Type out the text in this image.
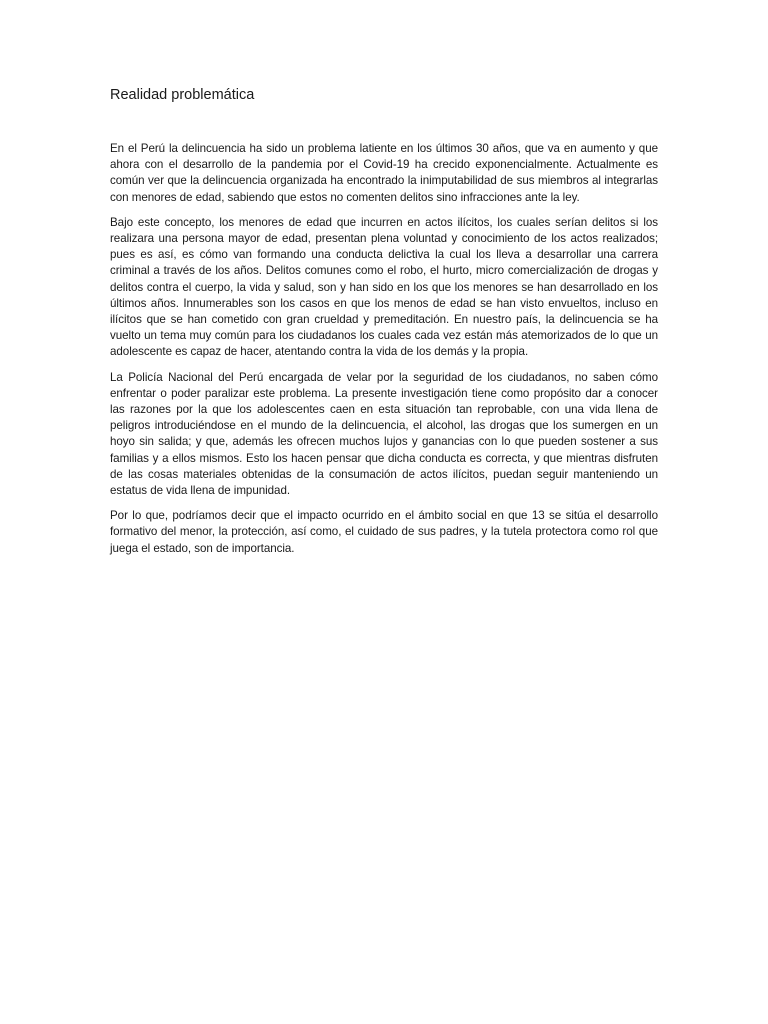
Realidad problemática

En el Perú la delincuencia ha sido un problema latiente en los últimos 30 años, que va en aumento y que ahora con el desarrollo de la pandemia por el Covid-19 ha crecido exponencialmente. Actualmente es común ver que la delincuencia organizada ha encontrado la inimputabilidad de sus miembros al integrarlas con menores de edad, sabiendo que estos no comenten delitos sino infracciones ante la ley.

Bajo este concepto, los menores de edad que incurren en actos ilícitos, los cuales serían delitos si los realizara una persona mayor de edad, presentan plena voluntad y conocimiento de los actos realizados; pues es así, es cómo van formando una conducta delictiva la cual los lleva a desarrollar una carrera criminal a través de los años. Delitos comunes como el robo, el hurto, micro comercialización de drogas y delitos contra el cuerpo, la vida y salud, son y han sido en los que los menores se han desarrollado en los últimos años. Innumerables son los casos en que los menos de edad se han visto envueltos, incluso en ilícitos que se han cometido con gran crueldad y premeditación. En nuestro país, la delincuencia se ha vuelto un tema muy común para los ciudadanos los cuales cada vez están más atemorizados de lo que un adolescente es capaz de hacer, atentando contra la vida de los demás y la propia.

La Policía Nacional del Perú encargada de velar por la seguridad de los ciudadanos, no saben cómo enfrentar o poder paralizar este problema. La presente investigación tiene como propósito dar a conocer las razones por la que los adolescentes caen en esta situación tan reprobable, con una vida llena de peligros introduciéndose en el mundo de la delincuencia, el alcohol, las drogas que los sumergen en un hoyo sin salida; y que, además les ofrecen muchos lujos y ganancias con lo que pueden sostener a sus familias y a ellos mismos. Esto los hacen pensar que dicha conducta es correcta, y que mientras disfruten de las cosas materiales obtenidas de la consumación de actos ilícitos, puedan seguir manteniendo un estatus de vida llena de impunidad.

Por lo que, podríamos decir que el impacto ocurrido en el ámbito social en que 13 se sitúa el desarrollo formativo del menor, la protección, así como, el cuidado de sus padres, y la tutela protectora como rol que juega el estado, son de importancia.
